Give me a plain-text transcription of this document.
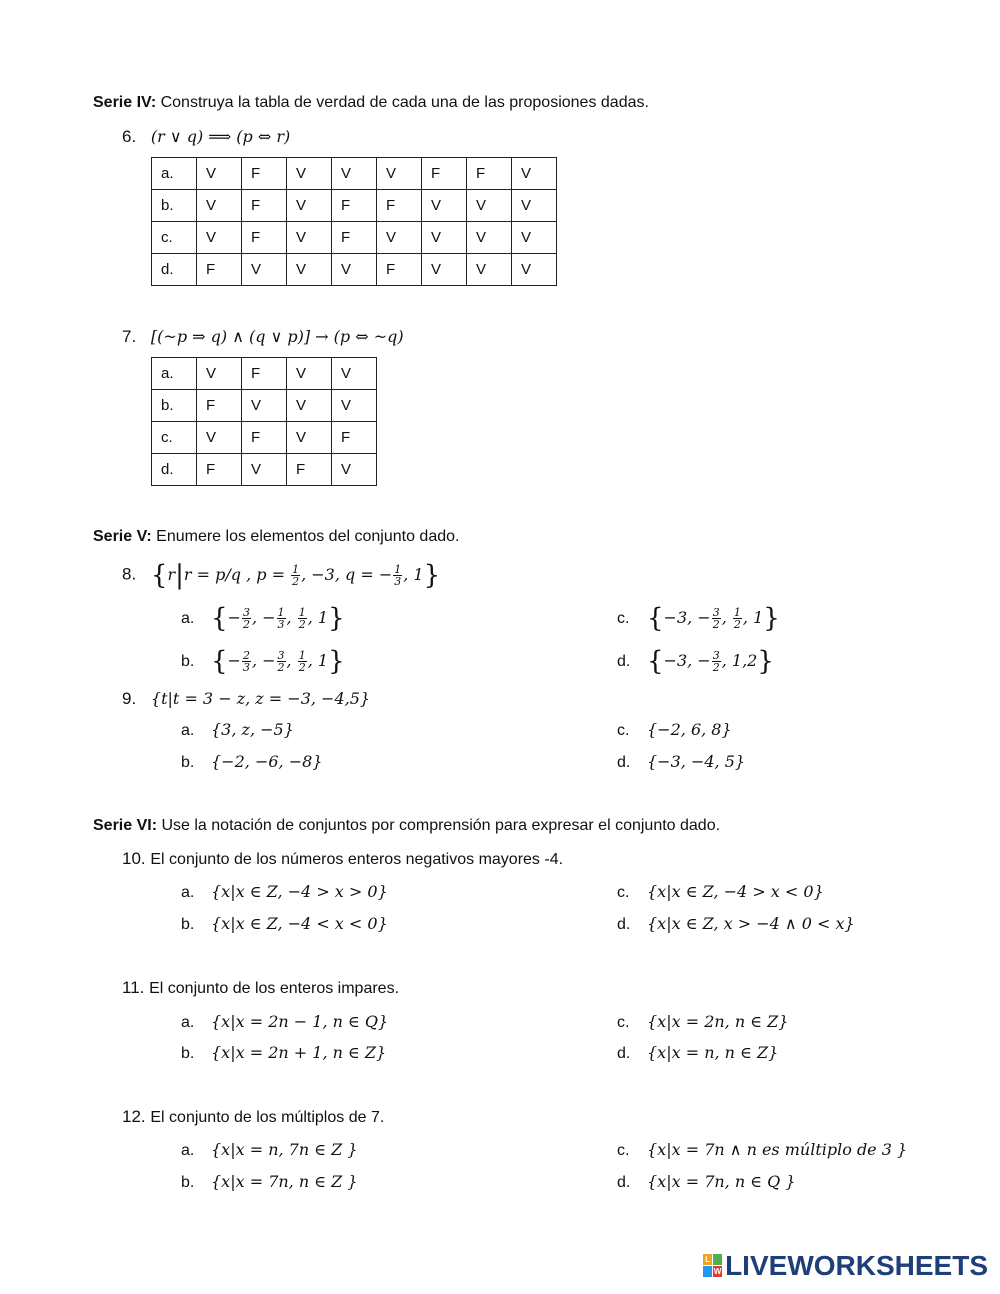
Serie IV: Construya la tabla de verdad de cada una de las proposiones dadas.
6. (r ∨ q) ⟹ (p ⇔ r)
a.	V	F	V	V	V	F	F	V
b.	V	F	V	F	F	V	V	V
c.	V	F	V	F	V	V	V	V
d.	F	V	V	V	F	V	V	V
7. [(~p ⇒ q) ∧ (q ∨ p)] → (p ⇔ ~q)
a.	V	F	V	V
b.	F	V	V	V
c.	V	F	V	F
d.	F	V	F	V
Serie V: Enumere los elementos del conjunto dado.
8. {r|r = p/q , $p = \frac{1}{2}$ , −3, q = − $\frac{1}{3}$ , 1}
a. {− $\frac{3}{2}$ , − $\frac{1}{3}$ , $\frac{1}{2}$ , 1}
b. {− $\frac{2}{3}$ , − $\frac{3}{2}$ , $\frac{1}{2}$ , 1}
c. {−3, − $\frac{3}{2}$ , $\frac{1}{2}$ , 1}
d. {−3, − $\frac{3}{2}$ , 1,2}
9. {t|t = 3 − z, z = −3, −4,5}
a. {3, z, −5}
b. {−2, −6, −8}
c. {−2, 6, 8}
d. {−3, −4, 5}
Serie VI: Use la notación de conjuntos por comprensión para expresar el conjunto dado.
10. El conjunto de los números enteros negativos mayores -4.
a. {x|x ∈ Z, −4 > x > 0}
b. {x|x ∈ Z, −4 < x < 0}
c. {x|x ∈ Z, −4 > x < 0}
d. {x|x ∈ Z, x > −4 ∧ 0 < x}
11. El conjunto de los enteros impares.
a. {x|x = 2n − 1, n ∈ Q}
b. {x|x = 2n + 1, n ∈ Z}
c. {x|x = 2n, n ∈ Z}
d. {x|x = n, n ∈ Z}
12. El conjunto de los múltiplos de 7.
a. {x|x = n, 7n ∈ Z }
b. {x|x = 7n, n ∈ Z }
c. {x|x = 7n ∧ n es múltiplo de 3 }
d. {x|x = 7n, n ∈ Q }
L
W LIVEWORKSHEETS
